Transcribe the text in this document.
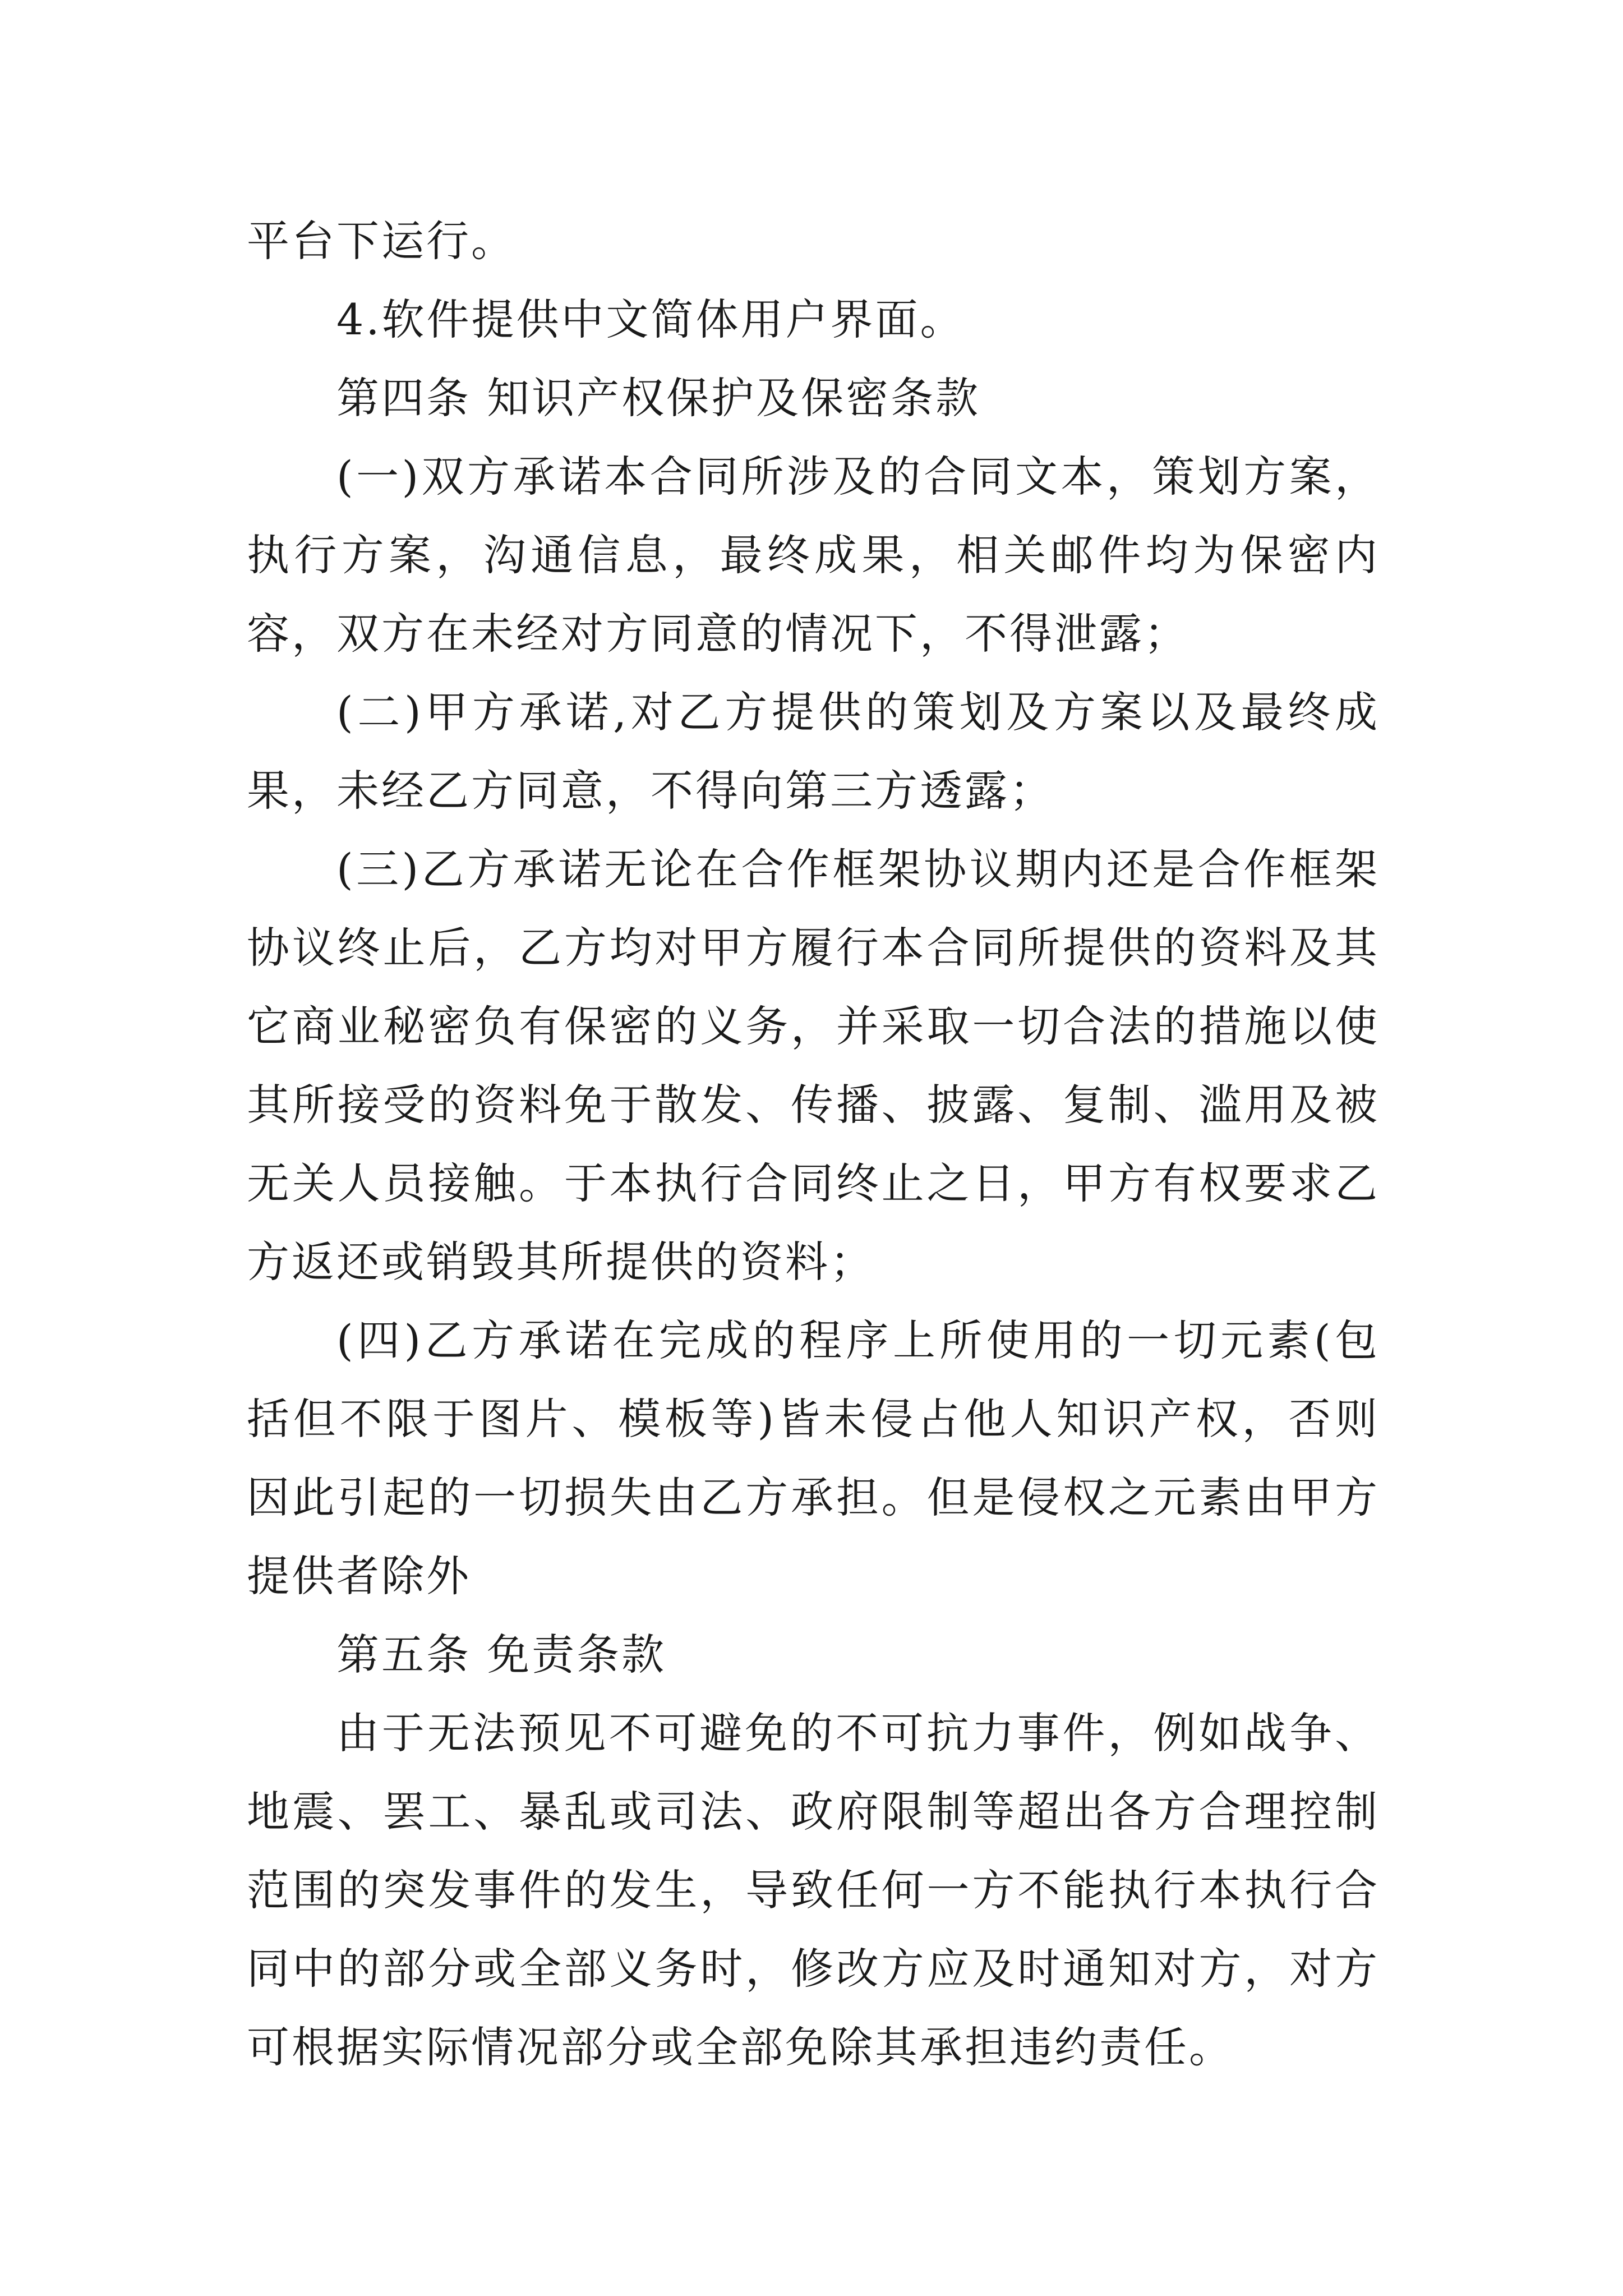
平台下运行。

4.软件提供中文简体用户界面。

第四条 知识产权保护及保密条款

(一)双方承诺本合同所涉及的合同文本，策划方案，执行方案，沟通信息，最终成果，相关邮件均为保密内容，双方在未经对方同意的情况下，不得泄露；

(二)甲方承诺,对乙方提供的策划及方案以及最终成果，未经乙方同意，不得向第三方透露；

(三)乙方承诺无论在合作框架协议期内还是合作框架协议终止后，乙方均对甲方履行本合同所提供的资料及其它商业秘密负有保密的义务，并采取一切合法的措施以使其所接受的资料免于散发、传播、披露、复制、滥用及被无关人员接触。于本执行合同终止之日，甲方有权要求乙方返还或销毁其所提供的资料；

(四)乙方承诺在完成的程序上所使用的一切元素(包括但不限于图片、模板等)皆未侵占他人知识产权，否则因此引起的一切损失由乙方承担。但是侵权之元素由甲方提供者除外

第五条 免责条款

由于无法预见不可避免的不可抗力事件，例如战争、地震、罢工、暴乱或司法、政府限制等超出各方合理控制范围的突发事件的发生，导致任何一方不能执行本执行合同中的部分或全部义务时，修改方应及时通知对方，对方可根据实际情况部分或全部免除其承担违约责任。
